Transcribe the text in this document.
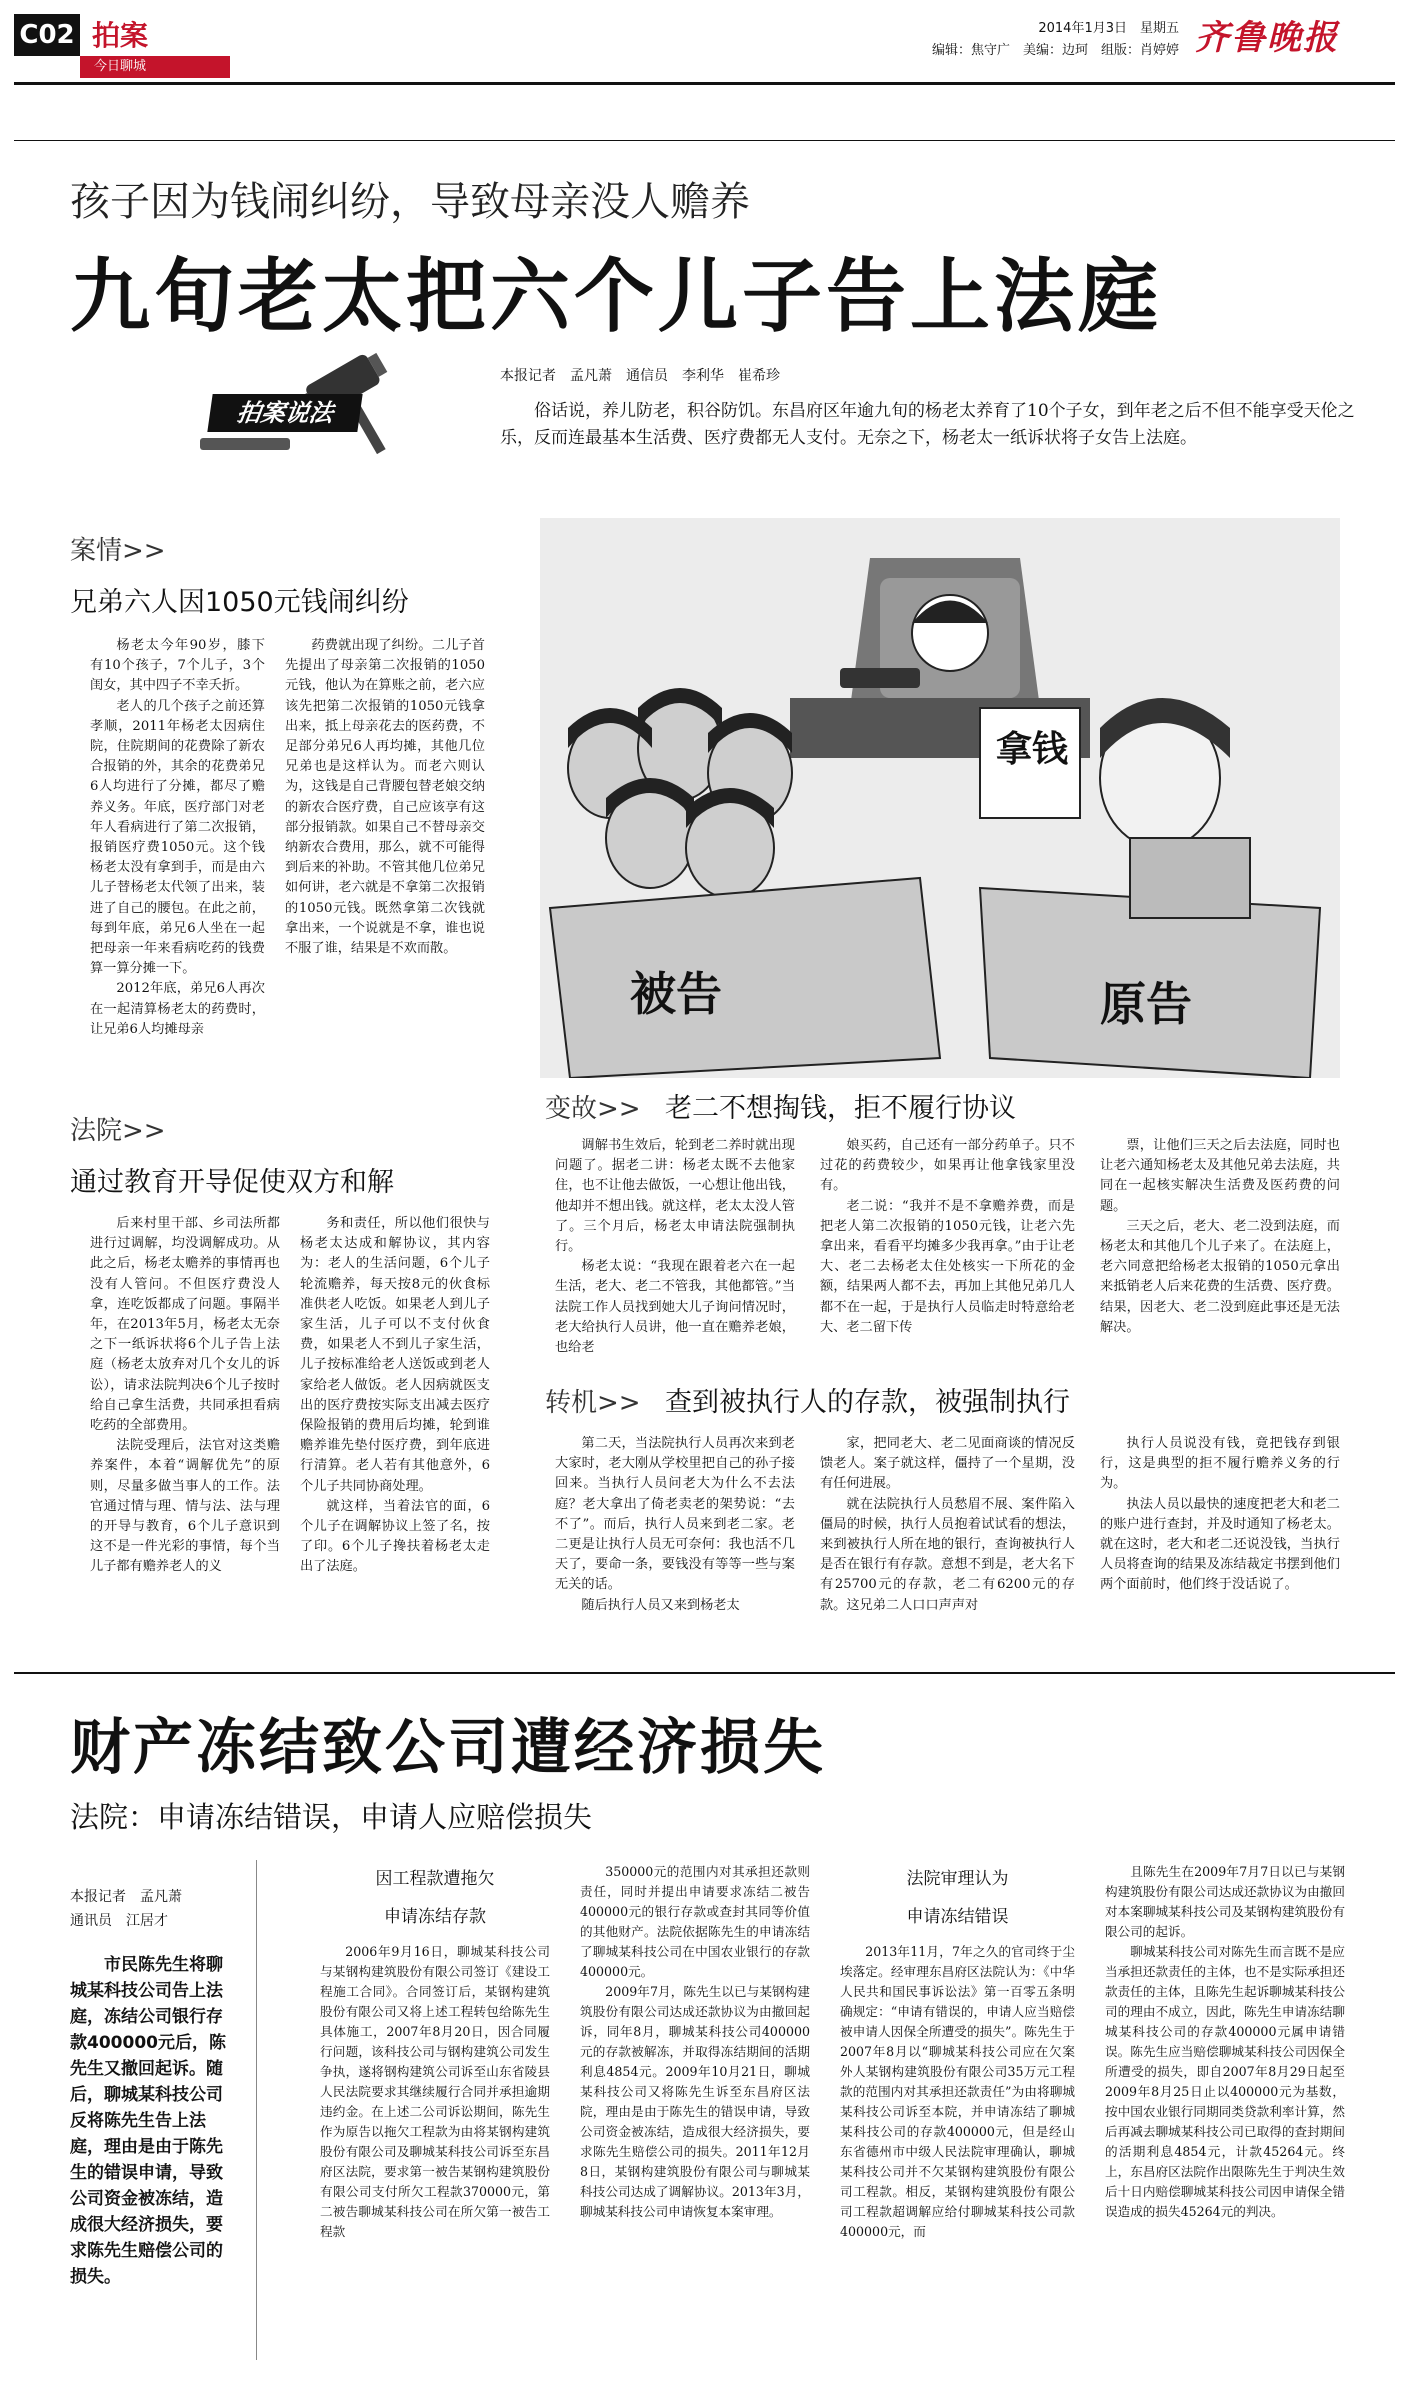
C02 拍案
今日聊城
2014年1月3日　星期五
编辑：焦守广　美编：边珂　组版：肖婷婷 齐鲁晚报
孩子因为钱闹纠纷，导致母亲没人赡养
九旬老太把六个儿子告上法庭
拍案说法
本报记者　孟凡萧　通信员　李利华　崔希珍
俗话说，养儿防老，积谷防饥。东昌府区年逾九旬的杨老太养育了10个子女，到年老之后不但不能享受天伦之乐，反而连最基本生活费、医疗费都无人支付。无奈之下，杨老太一纸诉状将子女告上法庭。
案情>>
兄弟六人因1050元钱闹纠纷

杨老太今年90岁，膝下有10个孩子，7个儿子，3个闺女，其中四子不幸夭折。

老人的几个孩子之前还算孝顺，2011年杨老太因病住院，住院期间的花费除了新农合报销的外，其余的花费弟兄6人均进行了分摊，都尽了赡养义务。年底，医疗部门对老年人看病进行了第二次报销，报销医疗费1050元。这个钱杨老太没有拿到手，而是由六儿子替杨老太代领了出来，装进了自己的腰包。在此之前，每到年底，弟兄6人坐在一起把母亲一年来看病吃药的钱费算一算分摊一下。

2012年底，弟兄6人再次在一起清算杨老太的药费时，让兄弟6人均摊母亲

药费就出现了纠纷。二儿子首先提出了母亲第二次报销的1050元钱，他认为在算账之前，老六应该先把第二次报销的1050元钱拿出来，抵上母亲花去的医药费，不足部分弟兄6人再均摊，其他几位兄弟也是这样认为。而老六则认为，这钱是自己背腰包替老娘交纳的新农合医疗费，自己应该享有这部分报销款。如果自己不替母亲交纳新农合费用，那么，就不可能得到后来的补助。不管其他几位弟兄如何讲，老六就是不拿第二次报销的1050元钱。既然拿第二次钱就拿出来，一个说就是不拿，谁也说不服了谁，结果是不欢而散。

拿钱
被告	原告
法院>>
通过教育开导促使双方和解

后来村里干部、乡司法所都进行过调解，均没调解成功。从此之后，杨老太赡养的事情再也没有人管问。不但医疗费没人拿，连吃饭都成了问题。事隔半年，在2013年5月，杨老太无奈之下一纸诉状将6个儿子告上法庭（杨老太放弃对几个女儿的诉讼），请求法院判决6个儿子按时给自己拿生活费，共同承担看病吃药的全部费用。

法院受理后，法官对这类赡养案件，本着“调解优先”的原则，尽量多做当事人的工作。法官通过情与理、情与法、法与理的开导与教育，6个儿子意识到这不是一件光彩的事情，每个当儿子都有赡养老人的义

务和责任，所以他们很快与杨老太达成和解协议，其内容为：老人的生活问题，6个儿子轮流赡养，每天按8元的伙食标准供老人吃饭。如果老人到儿子家生活，儿子可以不支付伙食费，如果老人不到儿子家生活，儿子按标准给老人送饭或到老人家给老人做饭。老人因病就医支出的医疗费按实际支出减去医疗保险报销的费用后均摊，轮到谁赡养谁先垫付医疗费，到年底进行清算。老人若有其他意外，6个儿子共同协商处理。

就这样，当着法官的面，6个儿子在调解协议上签了名，按了印。6个儿子搀扶着杨老太走出了法庭。

变故>> 老二不想掏钱，拒不履行协议

调解书生效后，轮到老二养时就出现问题了。据老二讲：杨老太既不去他家住，也不让他去做饭，一心想让他出钱，他却并不想出钱。就这样，老太太没人管了。三个月后，杨老太申请法院强制执行。

杨老太说：“我现在跟着老六在一起生活，老大、老二不管我，其他都管。”当法院工作人员找到她大儿子询问情况时，老大给执行人员讲，他一直在赡养老娘，也给老

娘买药，自己还有一部分药单子。只不过花的药费较少，如果再让他拿钱家里没有。

老二说：“我并不是不拿赡养费，而是把老人第二次报销的1050元钱，让老六先拿出来，看看平均摊多少我再拿。”由于让老大、老二去杨老太住处核实一下所花的金额，结果两人都不去，再加上其他兄弟几人都不在一起，于是执行人员临走时特意给老大、老二留下传

票，让他们三天之后去法庭，同时也让老六通知杨老太及其他兄弟去法庭，共同在一起核实解决生活费及医药费的问题。

三天之后，老大、老二没到法庭，而杨老太和其他几个儿子来了。在法庭上，老六同意把给杨老太报销的1050元拿出来抵销老人后来花费的生活费、医疗费。结果，因老大、老二没到庭此事还是无法解决。

转机>> 查到被执行人的存款，被强制执行

第二天，当法院执行人员再次来到老大家时，老大刚从学校里把自己的孙子接回来。当执行人员问老大为什么不去法庭？老大拿出了倚老卖老的架势说：“去不了”。而后，执行人员来到老二家。老二更是让执行人员无可奈何：我也活不几天了，要命一条，要钱没有等等一些与案无关的话。

随后执行人员又来到杨老太

家，把同老大、老二见面商谈的情况反馈老人。案子就这样，僵持了一个星期，没有任何进展。

就在法院执行人员愁眉不展、案件陷入僵局的时候，执行人员抱着试试看的想法，来到被执行人所在地的银行，查询被执行人是否在银行有存款。意想不到是，老大名下有25700元的存款，老二有6200元的存款。这兄弟二人口口声声对

执行人员说没有钱，竟把钱存到银行，这是典型的拒不履行赡养义务的行为。

执法人员以最快的速度把老大和老二的账户进行查封，并及时通知了杨老太。就在这时，老大和老二还说没钱，当执行人员将查询的结果及冻结裁定书摆到他们两个面前时，他们终于没话说了。

财产冻结致公司遭经济损失
法院：申请冻结错误，申请人应赔偿损失
本报记者　孟凡萧
通讯员　江居才
市民陈先生将聊城某科技公司告上法庭，冻结公司银行存款400000元后，陈先生又撤回起诉。随后，聊城某科技公司反将陈先生告上法庭，理由是由于陈先生的错误申请，导致公司资金被冻结，造成很大经济损失，要求陈先生赔偿公司的损失。
因工程款遭拖欠
申请冻结存款

2006年9月16日，聊城某科技公司与某钢构建筑股份有限公司签订《建设工程施工合同》。合同签订后，某钢构建筑股份有限公司又将上述工程转包给陈先生具体施工，2007年8月20日，因合同履行问题，该科技公司与钢构建筑公司发生争执，遂将钢构建筑公司诉至山东省陵县人民法院要求其继续履行合同并承担逾期违约金。在上述二公司诉讼期间，陈先生作为原告以拖欠工程款为由将某钢构建筑股份有限公司及聊城某科技公司诉至东昌府区法院，要求第一被告某钢构建筑股份有限公司支付所欠工程款370000元，第二被告聊城某科技公司在所欠第一被告工程款

350000元的范围内对其承担还款则责任，同时并提出申请要求冻结二被告400000元的银行存款或查封其同等价值的其他财产。法院依据陈先生的申请冻结了聊城某科技公司在中国农业银行的存款400000元。

2009年7月，陈先生以已与某钢构建筑股份有限公司达成还款协议为由撤回起诉，同年8月，聊城某科技公司400000元的存款被解冻，并取得冻结期间的活期利息4854元。2009年10月21日，聊城某科技公司又将陈先生诉至东昌府区法院，理由是由于陈先生的错误申请，导致公司资金被冻结，造成很大经济损失，要求陈先生赔偿公司的损失。2011年12月8日，某钢构建筑股份有限公司与聊城某科技公司达成了调解协议。2013年3月，聊城某科技公司申请恢复本案审理。

法院审理认为
申请冻结错误

2013年11月，7年之久的官司终于尘埃落定。经审理东昌府区法院认为：《中华人民共和国民事诉讼法》第一百零五条明确规定：“申请有错误的，申请人应当赔偿被申请人因保全所遭受的损失”。陈先生于2007年8月以“聊城某科技公司应在欠案外人某钢构建筑股份有限公司35万元工程款的范围内对其承担还款责任”为由将聊城某科技公司诉至本院，并申请冻结了聊城某科技公司的存款400000元，但是经山东省德州市中级人民法院审理确认，聊城某科技公司并不欠某钢构建筑股份有限公司工程款。相反，某钢构建筑股份有限公司工程款超调解应给付聊城某科技公司款400000元，而

且陈先生在2009年7月7日以已与某钢构建筑股份有限公司达成还款协议为由撤回对本案聊城某科技公司及某钢构建筑股份有限公司的起诉。

聊城某科技公司对陈先生而言既不是应当承担还款责任的主体，也不是实际承担还款责任的主体，且陈先生起诉聊城某科技公司的理由不成立，因此，陈先生申请冻结聊城某科技公司的存款400000元属申请错误。陈先生应当赔偿聊城某科技公司因保全所遭受的损失，即自2007年8月29日起至2009年8月25日止以400000元为基数，按中国农业银行同期同类贷款利率计算，然后再减去聊城某科技公司已取得的查封期间的活期利息4854元，计款45264元。终上，东昌府区法院作出限陈先生于判决生效后十日内赔偿聊城某科技公司因申请保全错误造成的损失45264元的判决。
